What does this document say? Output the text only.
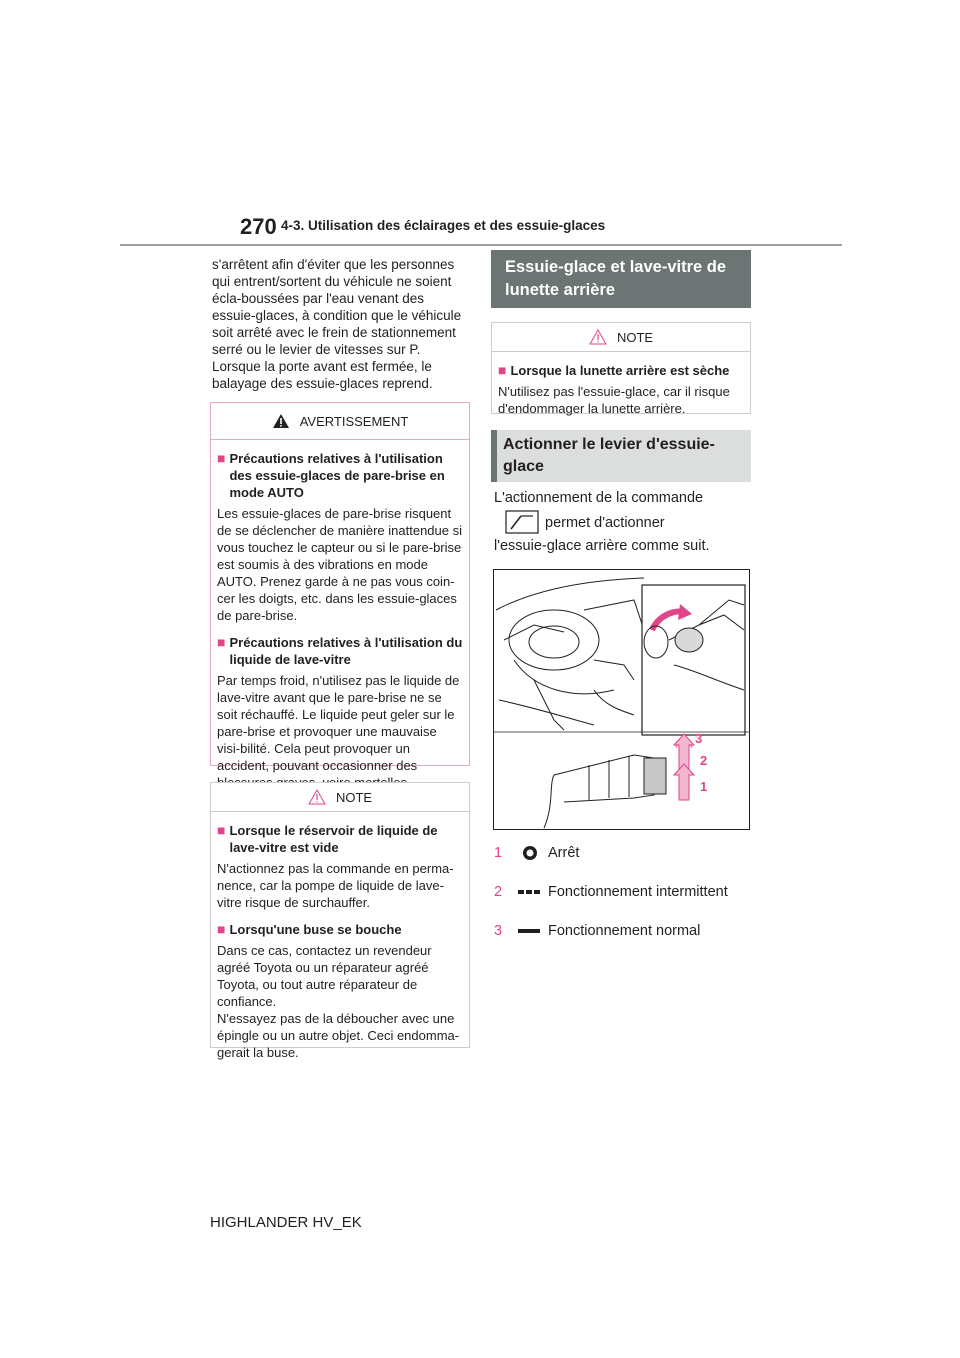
270 4-3. Utilisation des éclairages et des essuie-glaces
s'arrêtent afin d'éviter que les personnes qui entrent/sortent du véhicule ne soient écla-boussées par l'eau venant des essuie-glaces, à condition que le véhicule soit arrêté avec le frein de stationnement serré ou le levier de vitesses sur P. Lorsque la porte avant est fermée, le balayage des essuie-glaces reprend.
AVERTISSEMENT
■ Précautions relatives à l'utilisation des essuie-glaces de pare-brise en mode AUTO
Les essuie-glaces de pare-brise risquent de se déclencher de manière inattendue si vous touchez le capteur ou si le pare-brise est soumis à des vibrations en mode AUTO. Prenez garde à ne pas vous coin-cer les doigts, etc. dans les essuie-glaces de pare-brise.
■ Précautions relatives à l'utilisation du liquide de lave-vitre
Par temps froid, n'utilisez pas le liquide de lave-vitre avant que le pare-brise ne se soit réchauffé. Le liquide peut geler sur le pare-brise et provoquer une mauvaise visi-bilité. Cela peut provoquer un accident, pouvant occasionner des
NOTE
■ Lorsque le réservoir de liquide de lave-vitre est vide
N'actionnez pas la commande en perma-nence, car la pompe de liquide de lave-vitre risque de surchauffer.
■ Lorsqu'une buse se bouche
Dans ce cas, contactez un revendeur agréé Toyota ou un réparateur agréé Toyota, ou tout autre réparateur de confiance.
N'essayez pas de la déboucher avec une épingle ou un autre objet. Ceci endomma-gerait la buse.
Essuie-glace et lave-vitre de lunette arrière
NOTE
■ Lorsque la lunette arrière est sèche
N'utilisez pas l'essuie-glace, car il risque d'endommager la lunette arrière.
Actionner le levier d'essuie-glace
L'actionnement de la commande
permet d'actionner
l'essuie-glace arrière comme suit.
3
2
1
1	Arrêt
2	Fonctionnement intermittent
3	Fonctionnement normal
HIGHLANDER HV_EK
